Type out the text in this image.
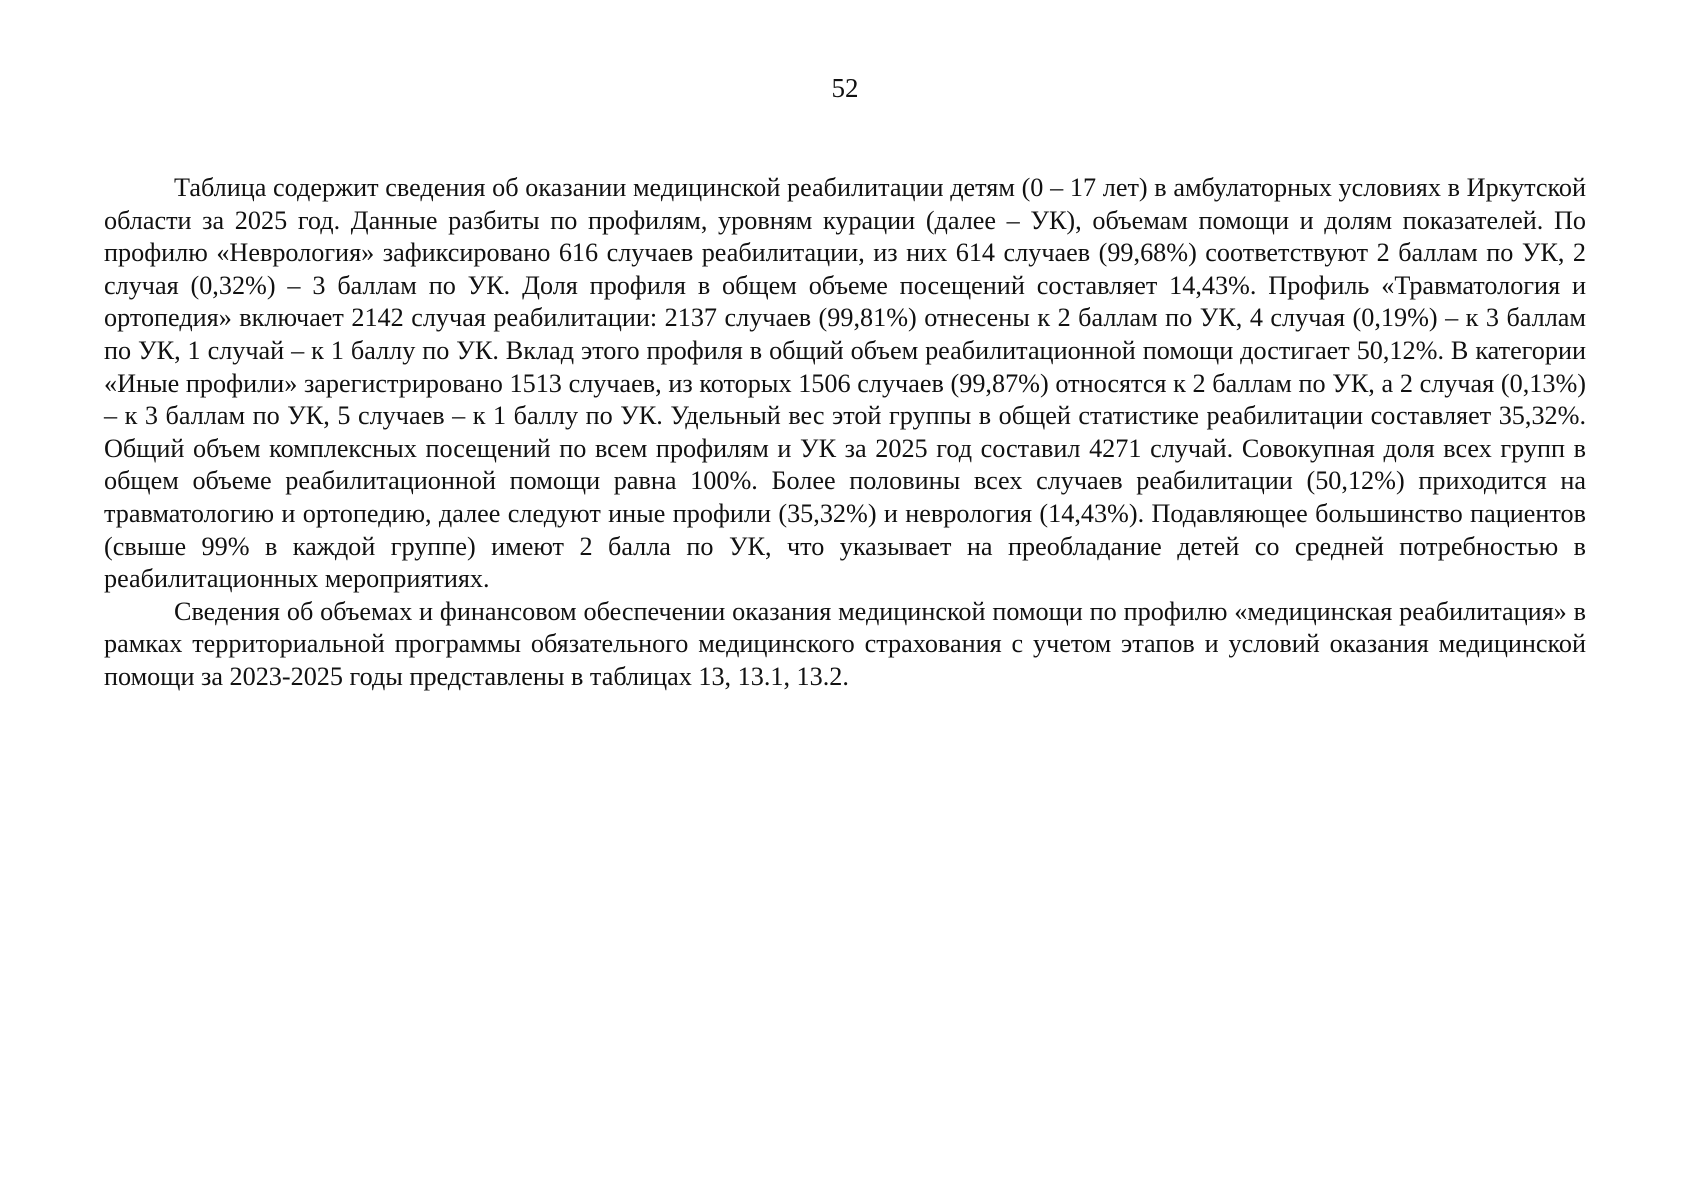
52

Таблица содержит сведения об оказании медицинской реабилитации детям (0 – 17 лет) в амбулаторных условиях в Иркутской области за 2025 год. Данные разбиты по профилям, уровням курации (далее – УК), объемам помощи и долям показателей. По профилю «Неврология» зафиксировано 616 случаев реабилитации, из них 614 случаев (99,68%) соответствуют 2 баллам по УК, 2 случая (0,32%) – 3 баллам по УК. Доля профиля в общем объеме посещений составляет 14,43%. Профиль «Травматология и ортопедия» включает 2142 случая реабилитации: 2137 случаев (99,81%) отнесены к 2 баллам по УК, 4 случая (0,19%) – к 3 баллам по УК, 1 случай – к 1 баллу по УК. Вклад этого профиля в общий объем реабилитационной помощи достигает 50,12%. В категории «Иные профили» зарегистрировано 1513 случаев, из которых 1506 случаев (99,87%) относятся к 2 баллам по УК, а 2 случая (0,13%) – к 3 баллам по УК, 5 случаев – к 1 баллу по УК. Удельный вес этой группы в общей статистике реабилитации составляет 35,32%. Общий объем комплексных посещений по всем профилям и УК за 2025 год составил 4271 случай. Совокупная доля всех групп в общем объеме реабилитационной помощи равна 100%. Более половины всех случаев реабилитации (50,12%) приходится на травматологию и ортопедию, далее следуют иные профили (35,32%) и неврология (14,43%). Подавляющее большинство пациентов (свыше 99% в каждой группе) имеют 2 балла по УК, что указывает на преобладание детей со средней потребностью в реабилитационных мероприятиях.

Сведения об объемах и финансовом обеспечении оказания медицинской помощи по профилю «медицинская реабилитация» в рамках территориальной программы обязательного медицинского страхования с учетом этапов и условий оказания медицинской помощи за 2023-2025 годы представлены в таблицах 13, 13.1, 13.2.
